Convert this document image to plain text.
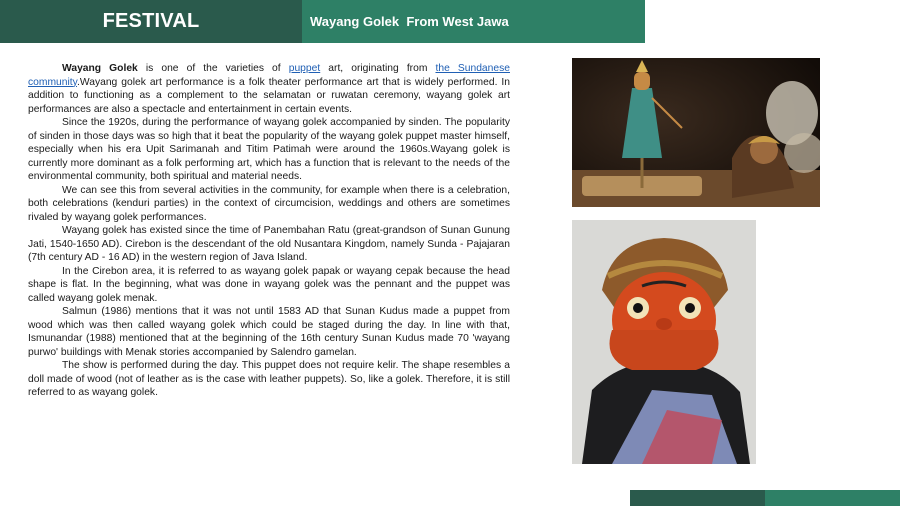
FESTIVAL	Wayang Golek  From West Jawa

Wayang Golek is one of the varieties of puppet art, originating from the Sundanese community.Wayang golek art performance is a folk theater performance art that is widely performed. In addition to functioning as a complement to the selamatan or ruwatan ceremony, wayang golek art performances are also a spectacle and entertainment in certain events.

Since the 1920s, during the performance of wayang golek accompanied by sinden. The popularity of sinden in those days was so high that it beat the popularity of the wayang golek puppet master himself, especially when his era Upit Sarimanah and Titim Patimah were around the 1960s.Wayang golek is currently more dominant as a folk performing art, which has a function that is relevant to the needs of the environmental community, both spiritual and material needs.

We can see this from several activities in the community, for example when there is a celebration, both celebrations (kenduri parties) in the context of circumcision, weddings and others are sometimes rivaled by wayang golek performances.

Wayang golek has existed since the time of Panembahan Ratu (great-grandson of Sunan Gunung Jati, 1540-1650 AD). Cirebon is the descendant of the old Nusantara Kingdom, namely Sunda - Pajajaran (7th century AD - 16 AD) in the western region of Java Island.

In the Cirebon area, it is referred to as wayang golek papak or wayang cepak because the head shape is flat. In the beginning, what was done in wayang golek was the pennant and the puppet was called wayang golek menak.

Salmun (1986) mentions that it was not until 1583 AD that Sunan Kudus made a puppet from wood which was then called wayang golek which could be staged during the day. In line with that, Ismunandar (1988) mentioned that at the beginning of the 16th century Sunan Kudus made 70 'wayang purwo' buildings with Menak stories accompanied by Salendro gamelan.

The show is performed during the day. This puppet does not require kelir. The shape resembles a doll made of wood (not of leather as is the case with leather puppets). So, like a golek. Therefore, it is still referred to as wayang golek.
